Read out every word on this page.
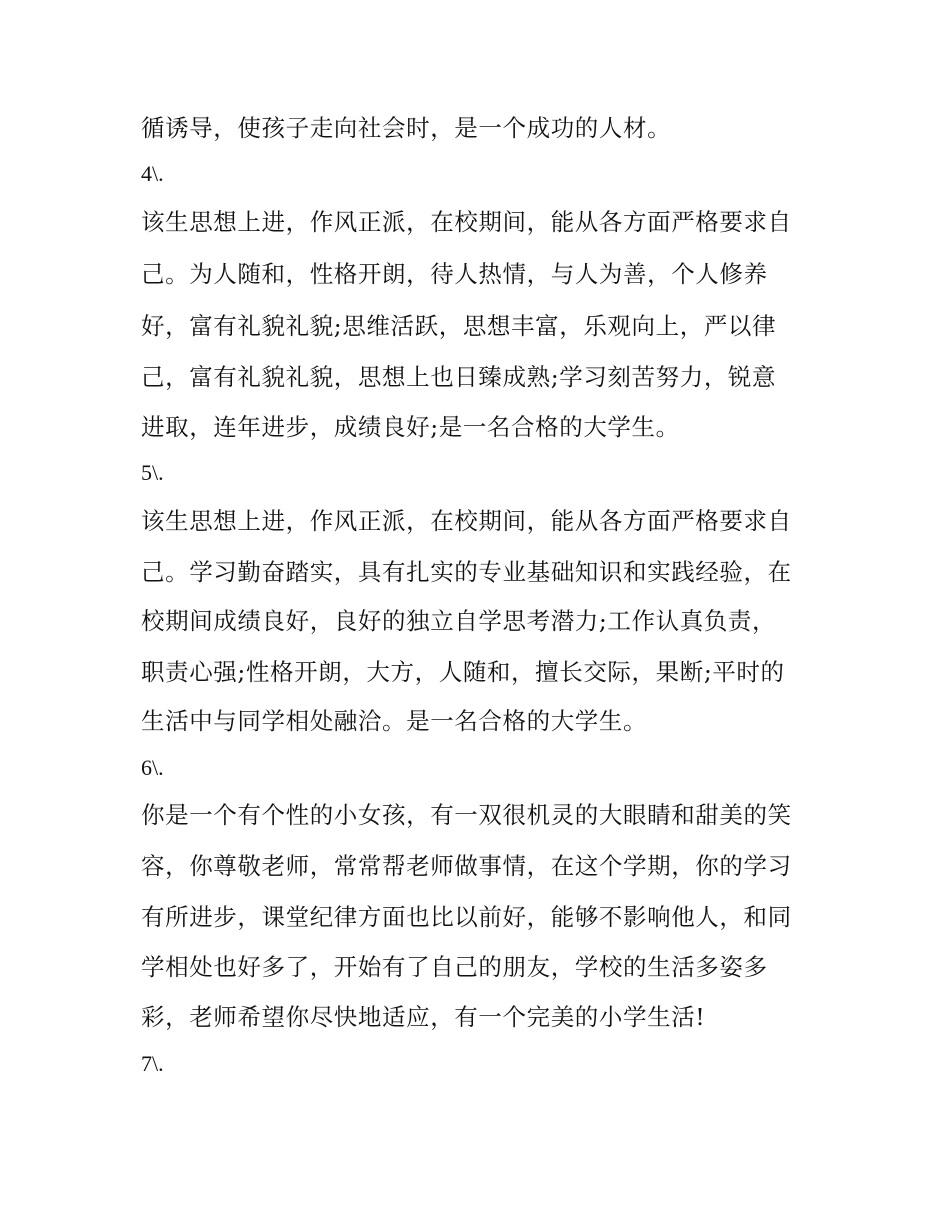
循诱导，使孩子走向社会时，是一个成功的人材。
4\.
该生思想上进，作风正派，在校期间，能从各方面严格要求自
己。为人随和，性格开朗，待人热情，与人为善，个人修养
好，富有礼貌礼貌;思维活跃，思想丰富，乐观向上，严以律
己，富有礼貌礼貌，思想上也日臻成熟;学习刻苦努力，锐意
进取，连年进步，成绩良好;是一名合格的大学生。
5\.
该生思想上进，作风正派，在校期间，能从各方面严格要求自
己。学习勤奋踏实，具有扎实的专业基础知识和实践经验，在
校期间成绩良好，良好的独立自学思考潜力;工作认真负责，
职责心强;性格开朗，大方，人随和，擅长交际，果断;平时的
生活中与同学相处融洽。是一名合格的大学生。
6\.
你是一个有个性的小女孩，有一双很机灵的大眼睛和甜美的笑
容，你尊敬老师，常常帮老师做事情，在这个学期，你的学习
有所进步，课堂纪律方面也比以前好，能够不影响他人，和同
学相处也好多了，开始有了自己的朋友，学校的生活多姿多
彩，老师希望你尽快地适应，有一个完美的小学生活!
7\.
